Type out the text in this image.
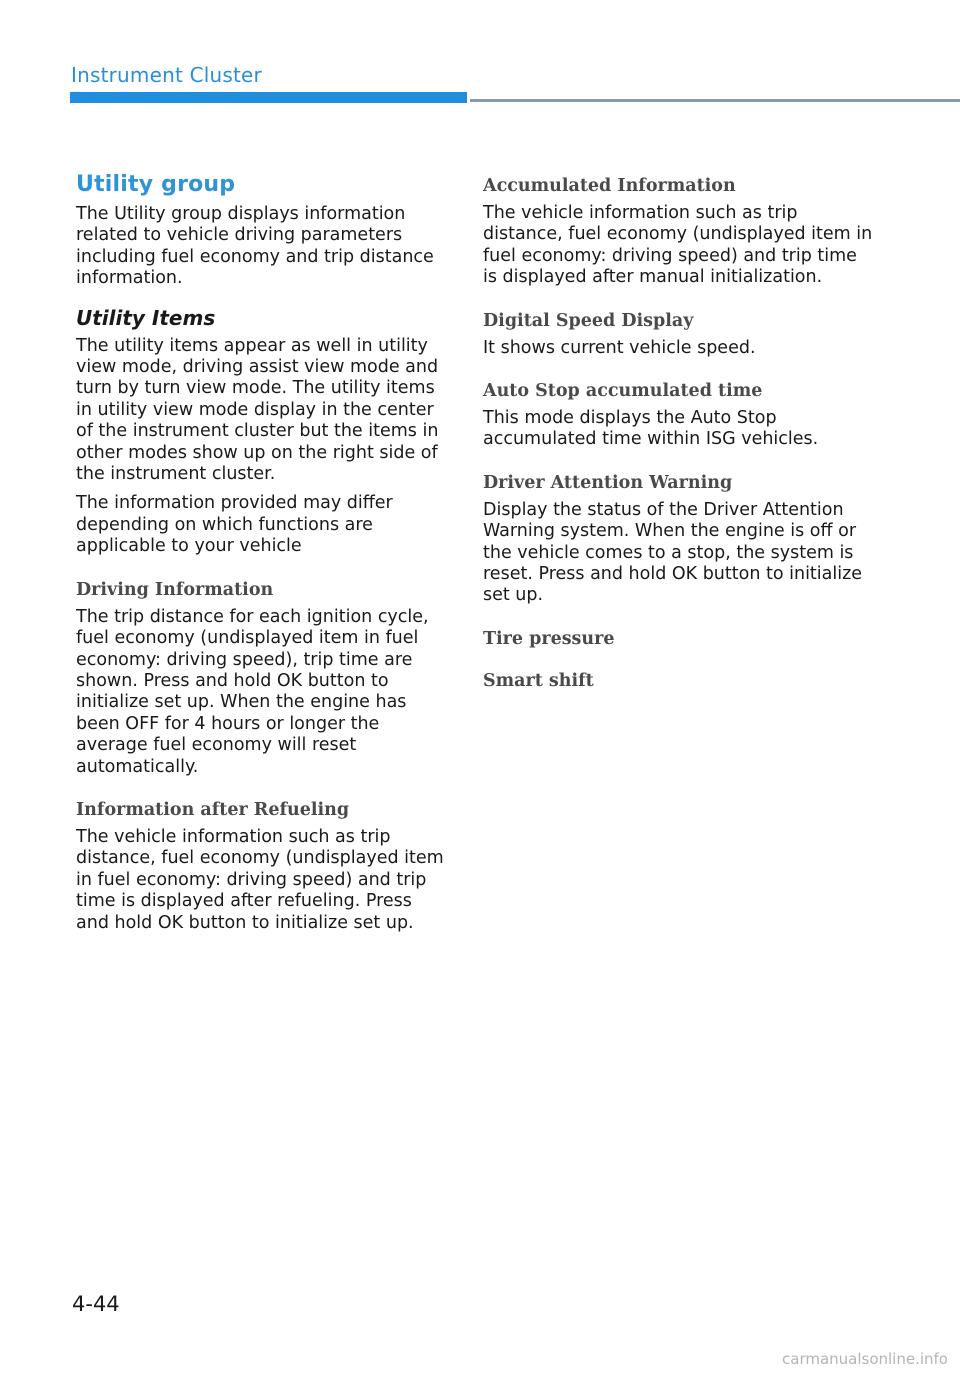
Instrument Cluster
Utility group
The Utility group displays information related to vehicle driving parameters including fuel economy and trip distance information.
Utility Items
The utility items appear as well in utility view mode, driving assist view mode and turn by turn view mode. The utility items in utility view mode display in the center of the instrument cluster but the items in other modes show up on the right side of the instrument cluster.
The information provided may differ depending on which functions are applicable to your vehicle
Driving Information
The trip distance for each ignition cycle, fuel economy (undisplayed item in fuel economy: driving speed), trip time are shown. Press and hold OK button to initialize set up. When the engine has been OFF for 4 hours or longer the average fuel economy will reset automatically.
Information after Refueling
The vehicle information such as trip distance, fuel economy (undisplayed item in fuel economy: driving speed) and trip time is displayed after refueling. Press and hold OK button to initialize set up.
Accumulated Information
The vehicle information such as trip distance, fuel economy (undisplayed item in fuel economy: driving speed) and trip time is displayed after manual initialization.
Digital Speed Display
It shows current vehicle speed.
Auto Stop accumulated time
This mode displays the Auto Stop accumulated time within ISG vehicles.
Driver Attention Warning
Display the status of the Driver Attention Warning system. When the engine is off or the vehicle comes to a stop, the system is reset. Press and hold OK button to initialize set up.
Tire pressure
Smart shift
4-44
carmanualsonline.info
